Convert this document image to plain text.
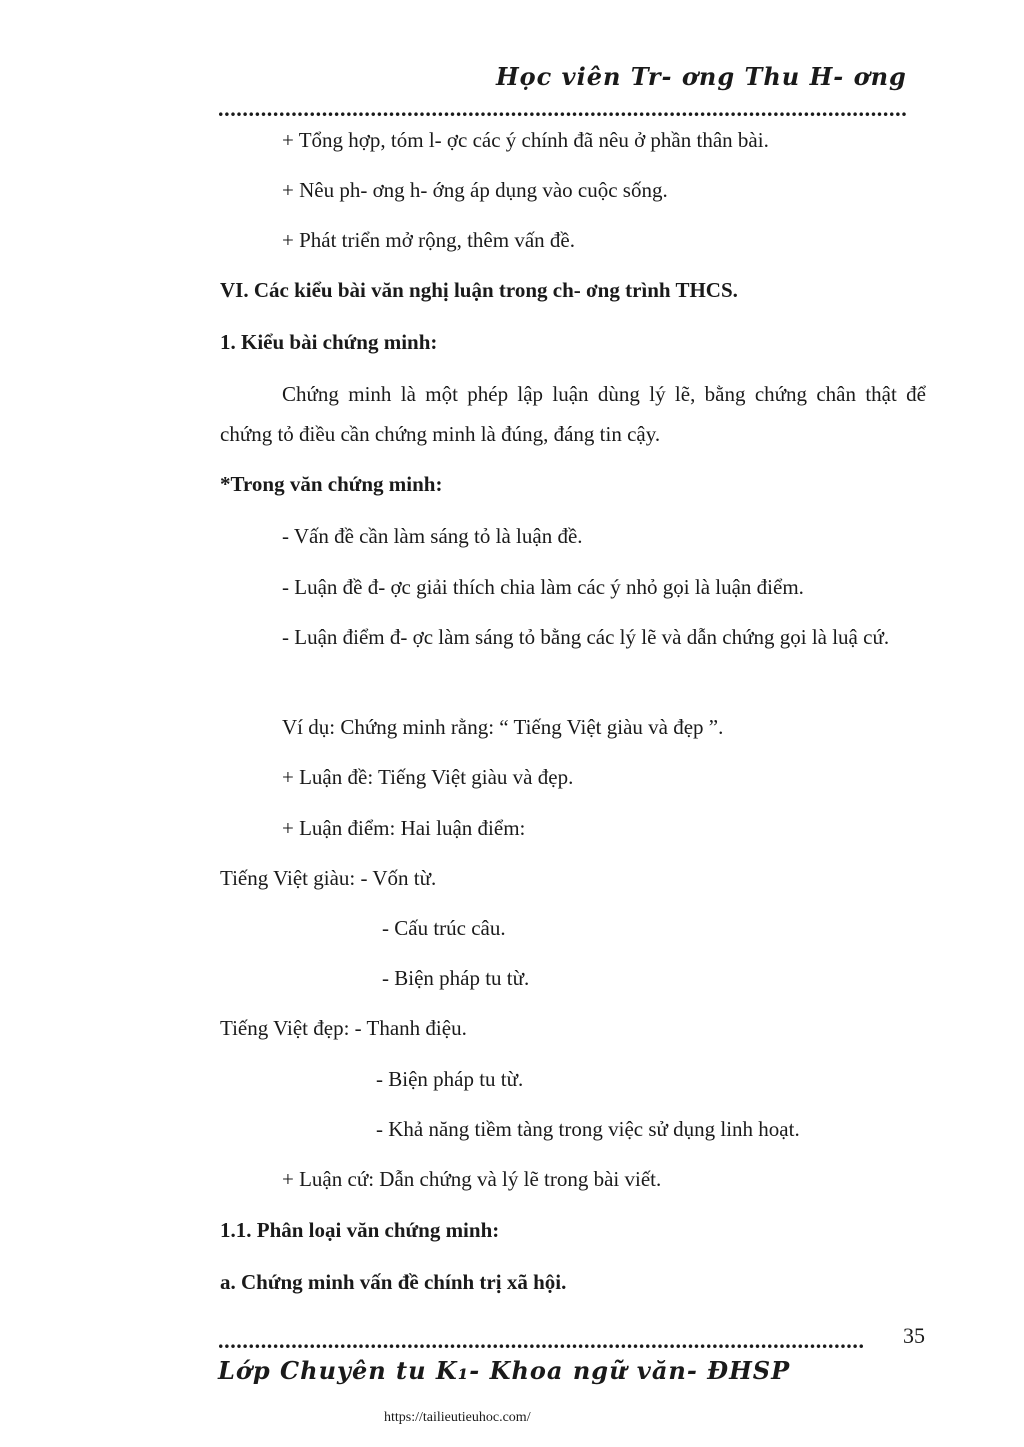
Học viên Tr- ơng Thu H- ơng
.................................................................................................................
+ Tổng hợp, tóm l- ợc các ý chính đã nêu ở phần thân bài.
+ Nêu ph- ơng h- ớng áp dụng vào cuộc sống.
+ Phát triển mở rộng, thêm vấn đề.
VI. Các kiểu bài văn nghị luận trong ch- ơng trình THCS.
1. Kiểu bài chứng minh:
Chứng minh là một phép lập luận dùng lý lẽ, bằng chứng chân thật để chứng tỏ điều cần chứng minh là đúng, đáng tin cậy.
*Trong văn chứng minh:
- Vấn đề cần làm sáng tỏ là luận đề.
- Luận đề đ- ợc giải thích chia làm các ý nhỏ gọi là luận điểm.
- Luận điểm đ- ợc làm sáng tỏ bằng các lý lẽ và dẫn chứng gọi là luậ cứ.
Ví dụ: Chứng minh rằng: “ Tiếng Việt giàu và đẹp ”.
+ Luận đề: Tiếng Việt giàu và đẹp.
+ Luận điểm: Hai luận điểm:
Tiếng Việt giàu: - Vốn từ.
- Cấu trúc câu.
- Biện pháp tu từ.
Tiếng Việt đẹp: - Thanh điệu.
- Biện pháp tu từ.
- Khả năng tiềm tàng trong việc sử dụng linh hoạt.
+ Luận cứ: Dẫn chứng và lý lẽ trong bài viết.
1.1. Phân loại văn chứng minh:
a. Chứng minh vấn đề chính trị xã hội.
..........................................................................................................	35
Lớp Chuyên tu K₁- Khoa ngữ văn- ĐHSP
https://tailieutieuhoc.com/
